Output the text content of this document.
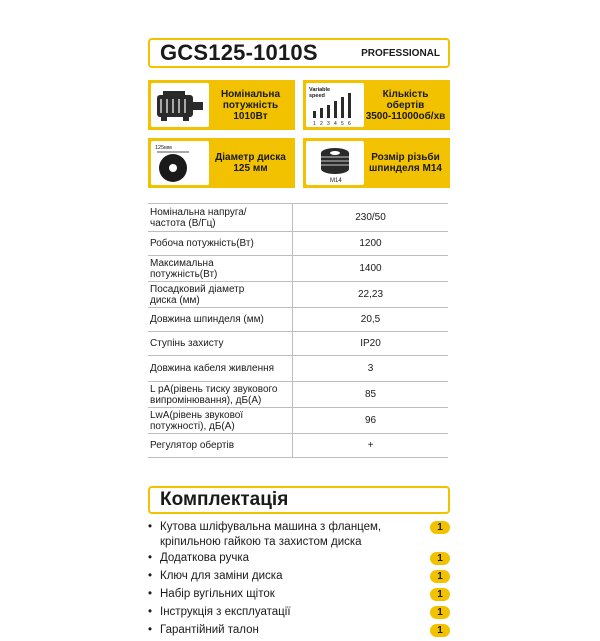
GCS125-1010S	PROFESSIONAL
Номінальна
потужність
1010Вт
Variable
speed
1 2 3 4 5 6
Кількість
обертів
3500-11000об/хв
125мм
Діаметр диска
125 мм
M14
Розмір різьби
шпинделя M14
Номінальна напруга/
частота (В/Гц)	230/50

Робоча потужність(Вт)	1200

Максимальна
потужність(Вт)	1400

Посадковий діаметр
диска (мм)	22,23

Довжина шпинделя (мм)	20,5

Ступінь захисту	IP20

Довжина кабеля живлення	3

L pA(рівень тиску звукового
випромінювання), дБ(А)	85

LwA(рівень звукової
потужності), дБ(А)	96

Регулятор обертів	+
Комплектація
• Кутова шліфувальна машина з фланцем,
кріпильною гайкою та захистом диска
1
• Додаткова ручка	1
• Ключ для заміни диска	1
• Набір вугільних щіток	1
• Інструкція з експлуатації	1
• Гарантійний талон	1
